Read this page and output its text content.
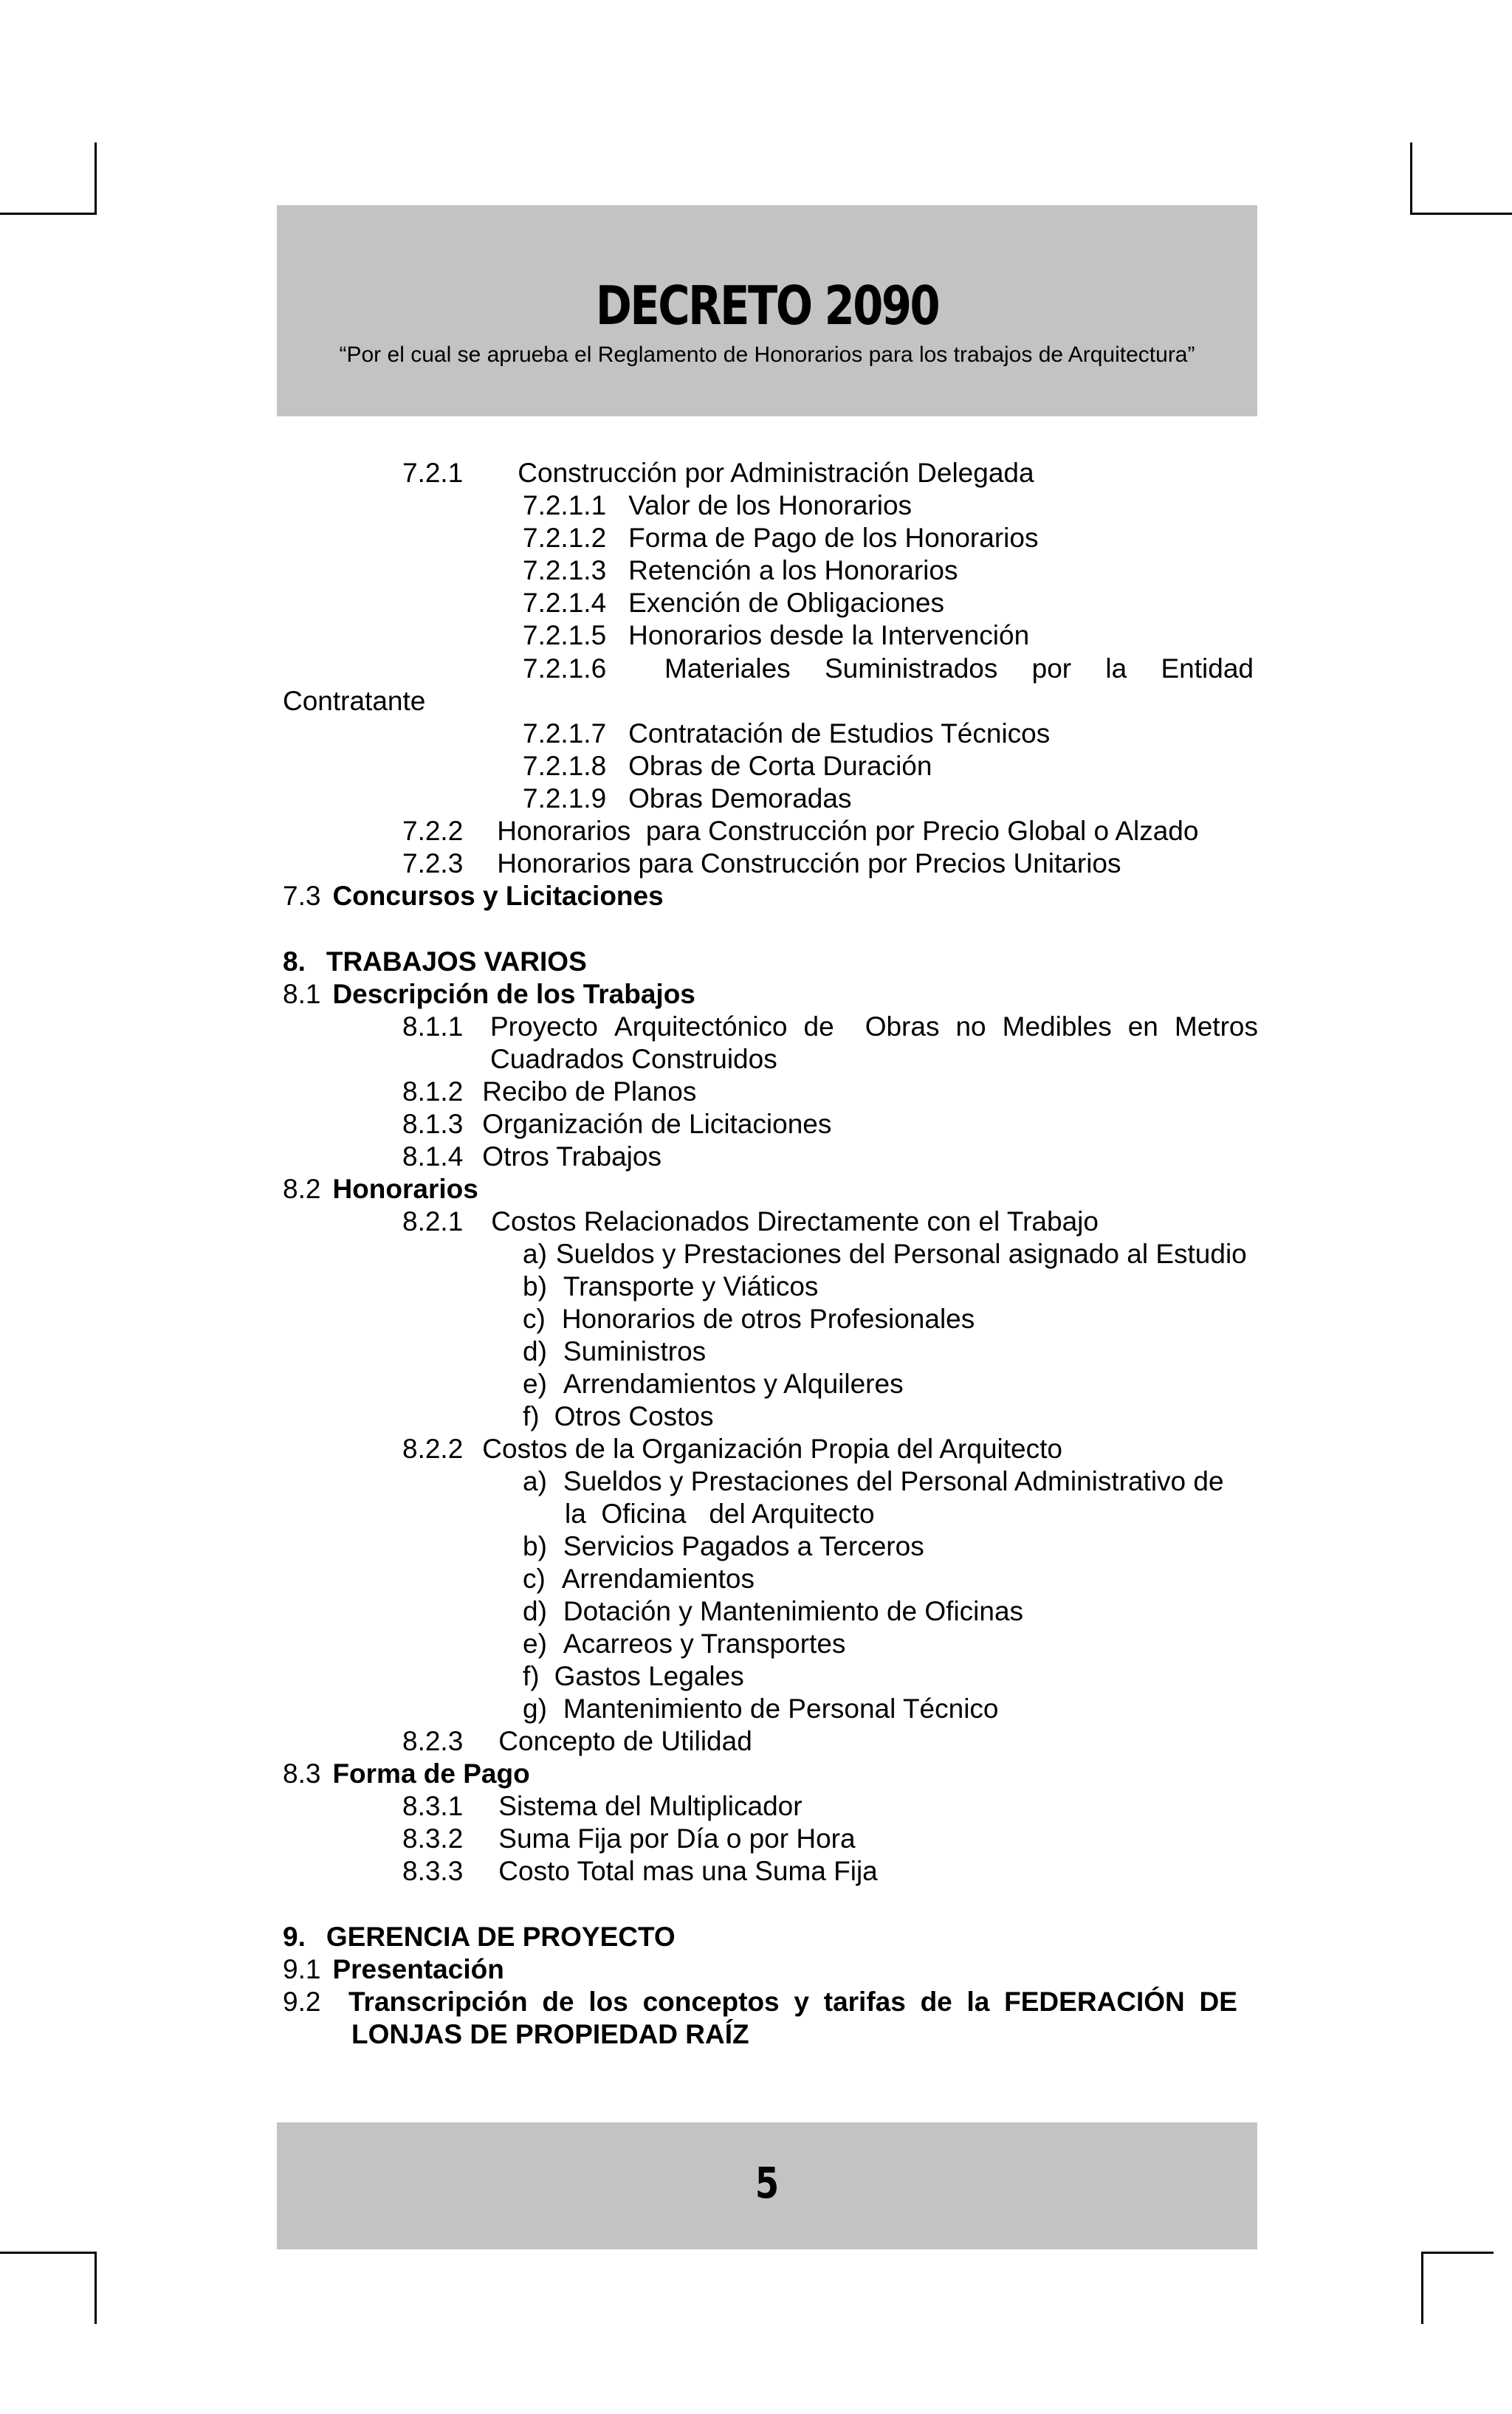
DECRETO 2090
“Por el cual se aprueba el Reglamento de Honorarios para los trabajos de Arquitectura”
7.2.1 Construcción por Administración Delegada
7.2.1.1 Valor de los Honorarios
7.2.1.2 Forma de Pago de los Honorarios
7.2.1.3 Retención a los Honorarios
7.2.1.4 Exención de Obligaciones
7.2.1.5 Honorarios desde la Intervención
7.2.1.6 Materiales Suministrados por la Entidad
Contratante
7.2.1.7 Contratación de Estudios Técnicos
7.2.1.8 Obras de Corta Duración
7.2.1.9 Obras Demoradas
7.2.2 Honorarios  para Construcción por Precio Global o Alzado
7.2.3 Honorarios para Construcción por Precios Unitarios
7.3 Concursos y Licitaciones
8. TRABAJOS VARIOS
8.1 Descripción de los Trabajos
8.1.1 Proyecto Arquitectónico de Obras no Medibles en Metros
Cuadrados Construidos
8.1.2 Recibo de Planos
8.1.3 Organización de Licitaciones
8.1.4 Otros Trabajos
8.2 Honorarios
8.2.1 Costos Relacionados Directamente con el Trabajo
a) Sueldos y Prestaciones del Personal asignado al Estudio
b) Transporte y Viáticos
c) Honorarios de otros Profesionales
d) Suministros
e) Arrendamientos y Alquileres
f) Otros Costos
8.2.2 Costos de la Organización Propia del Arquitecto
a) Sueldos y Prestaciones del Personal Administrativo de
la  Oficina   del Arquitecto
b) Servicios Pagados a Terceros
c) Arrendamientos
d) Dotación y Mantenimiento de Oficinas
e) Acarreos y Transportes
f) Gastos Legales
g) Mantenimiento de Personal Técnico
8.2.3 Concepto de Utilidad
8.3 Forma de Pago
8.3.1 Sistema del Multiplicador
8.3.2 Suma Fija por Día o por Hora
8.3.3 Costo Total mas una Suma Fija
9. GERENCIA DE PROYECTO
9.1 Presentación
9.2 Transcripción de los conceptos y tarifas de la FEDERACIÓN DE
LONJAS DE PROPIEDAD RAÍZ
5
